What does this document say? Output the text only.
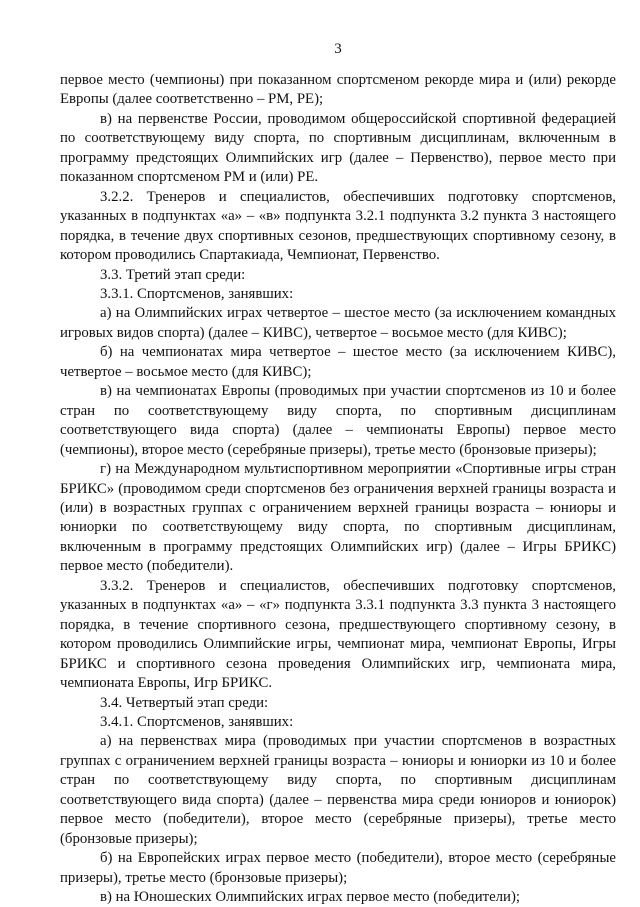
3

первое место (чемпионы) при показанном спортсменом рекорде мира и (или) рекорде Европы (далее соответственно – РМ, РЕ);

в) на первенстве России, проводимом общероссийской спортивной федерацией по соответствующему виду спорта, по спортивным дисциплинам, включенным в программу предстоящих Олимпийских игр (далее – Первенство), первое место при показанном спортсменом РМ и (или) РЕ.

3.2.2. Тренеров и специалистов, обеспечивших подготовку спортсменов, указанных в подпунктах «а» – «в» подпункта 3.2.1 подпункта 3.2 пункта 3 настоящего порядка, в течение двух спортивных сезонов, предшествующих спортивному сезону, в котором проводились Спартакиада, Чемпионат, Первенство.

3.3. Третий этап среди:

3.3.1. Спортсменов, занявших:

а) на Олимпийских играх четвертое – шестое место (за исключением командных игровых видов спорта) (далее – КИВС), четвертое – восьмое место (для КИВС);

б) на чемпионатах мира четвертое – шестое место (за исключением КИВС), четвертое – восьмое место (для КИВС);

в) на чемпионатах Европы (проводимых при участии спортсменов из 10 и более стран по соответствующему виду спорта, по спортивным дисциплинам соответствующего вида спорта) (далее – чемпионаты Европы) первое место (чемпионы), второе место (серебряные призеры), третье место (бронзовые призеры);

г) на Международном мультиспортивном мероприятии «Спортивные игры стран БРИКС» (проводимом среди спортсменов без ограничения верхней границы возраста и (или) в возрастных группах с ограничением верхней границы возраста – юниоры и юниорки по соответствующему виду спорта, по спортивным дисциплинам, включенным в программу предстоящих Олимпийских игр) (далее – Игры БРИКС) первое место (победители).

3.3.2. Тренеров и специалистов, обеспечивших подготовку спортсменов, указанных в подпунктах «а» – «г» подпункта 3.3.1 подпункта 3.3 пункта 3 настоящего порядка, в течение спортивного сезона, предшествующего спортивному сезону, в котором проводились Олимпийские игры, чемпионат мира, чемпионат Европы, Игры БРИКС и спортивного сезона проведения Олимпийских игр, чемпионата мира, чемпионата Европы, Игр БРИКС.

3.4. Четвертый этап среди:

3.4.1. Спортсменов, занявших:

а) на первенствах мира (проводимых при участии спортсменов в возрастных группах с ограничением верхней границы возраста – юниоры и юниорки из 10 и более стран по соответствующему виду спорта, по спортивным дисциплинам соответствующего вида спорта) (далее – первенства мира среди юниоров и юниорок) первое место (победители), второе место (серебряные призеры), третье место (бронзовые призеры);

б) на Европейских играх первое место (победители), второе место (серебряные призеры), третье место (бронзовые призеры);

в) на Юношеских Олимпийских играх первое место (победители);
